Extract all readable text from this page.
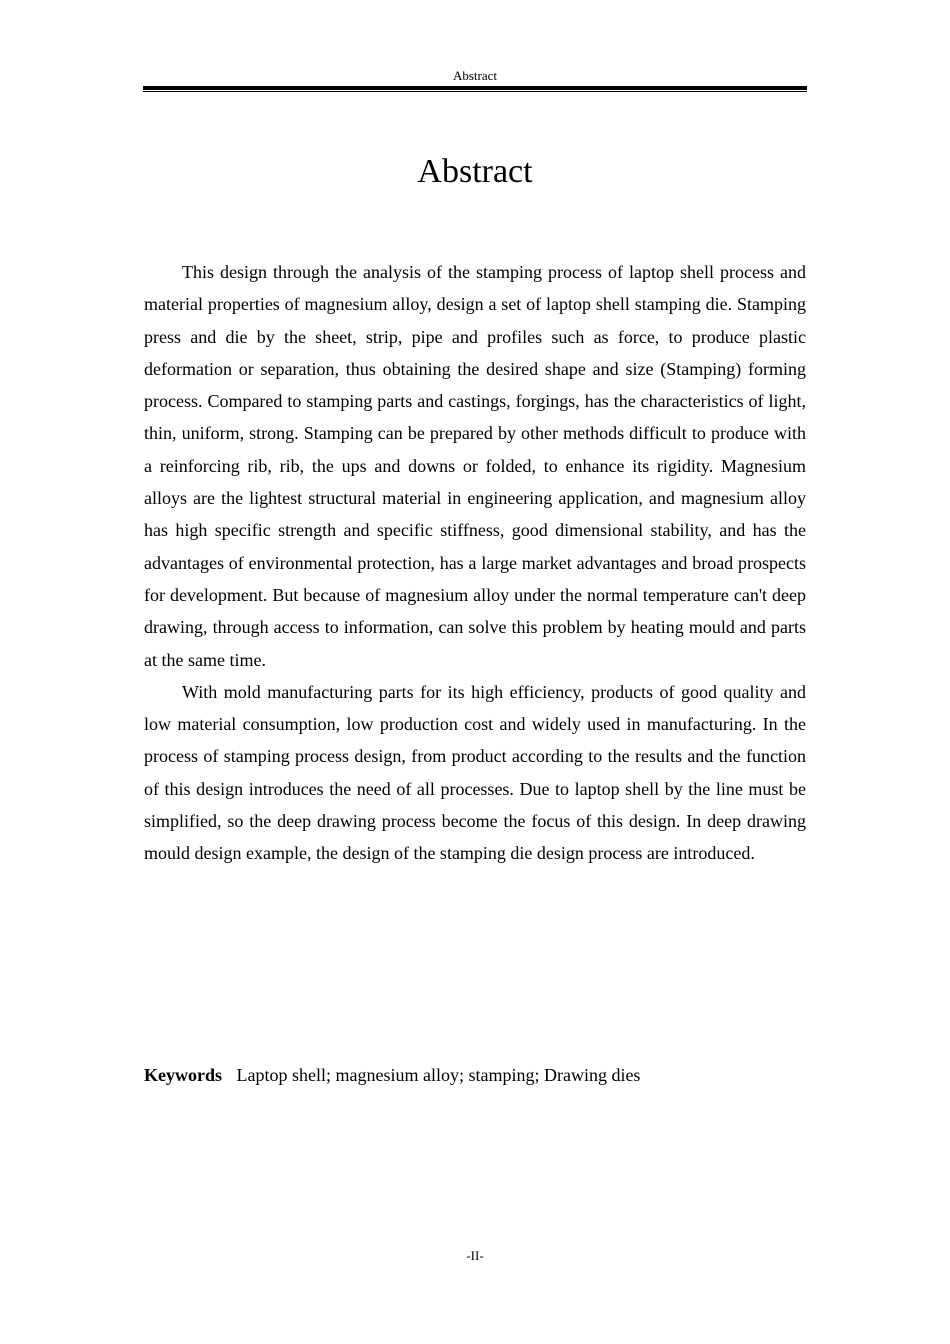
Abstract
Abstract

This design through the analysis of the stamping process of laptop shell process and material properties of magnesium alloy, design a set of laptop shell stamping die. Stamping press and die by the sheet, strip, pipe and profiles such as force, to produce plastic deformation or separation, thus obtaining the desired shape and size (Stamping) forming process. Compared to stamping parts and castings, forgings, has the characteristics of light, thin, uniform, strong. Stamping can be prepared by other methods difficult to produce with a reinforcing rib, rib, the ups and downs or folded, to enhance its rigidity. Magnesium alloys are the lightest structural material in engineering application, and magnesium alloy has high specific strength and specific stiffness, good dimensional stability, and has the advantages of environmental protection, has a large market advantages and broad prospects for development. But because of magnesium alloy under the normal temperature can't deep drawing, through access to information, can solve this problem by heating mould and parts at the same time.

With mold manufacturing parts for its high efficiency, products of good quality and low material consumption, low production cost and widely used in manufacturing. In the process of stamping process design, from product according to the results and the function of this design introduces the need of all processes. Due to laptop shell by the line must be simplified, so the deep drawing process become the focus of this design. In deep drawing mould design example, the design of the stamping die design process are introduced.

Keywords Laptop shell; magnesium alloy; stamping; Drawing dies
-II-
